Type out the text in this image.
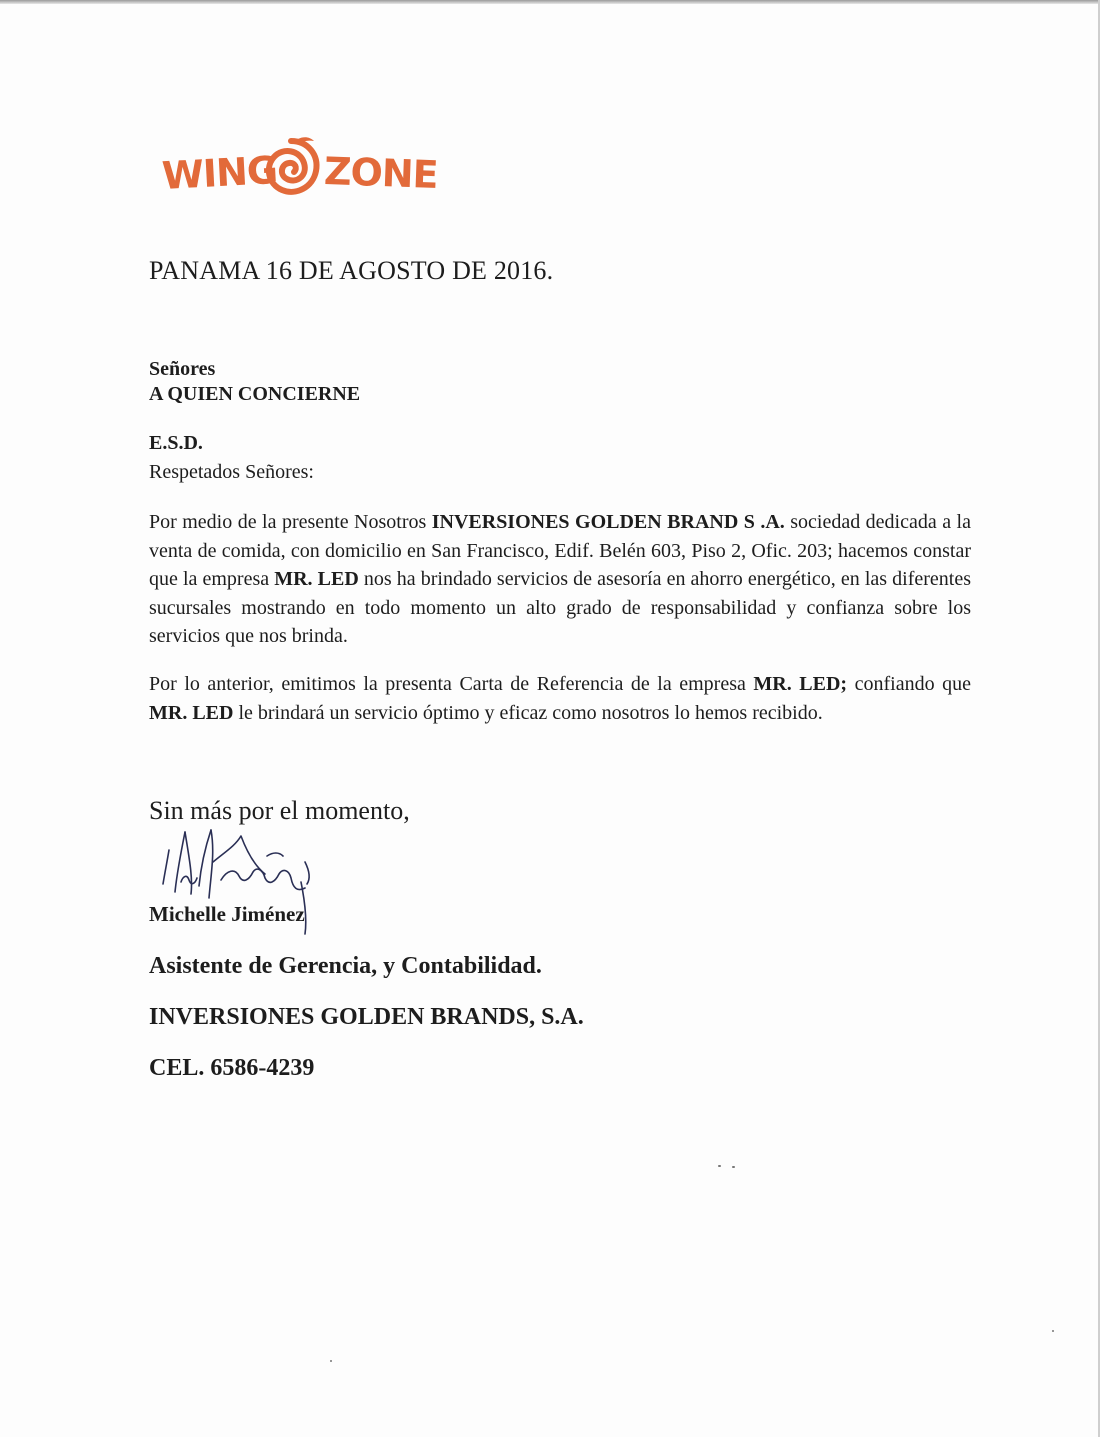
WING ZONE

PANAMA 16 DE AGOSTO DE 2016.

Señores

A QUIEN CONCIERNE

E.S.D.

Respetados Señores:

Por medio de la presente Nosotros INVERSIONES GOLDEN BRAND S .A. sociedad dedicada a la venta de comida, con domicilio en San Francisco, Edif. Belén 603, Piso 2, Ofic. 203; hacemos constar que la empresa MR. LED nos ha brindado servicios de asesoría en ahorro energético, en las diferentes sucursales mostrando en todo momento un alto grado de responsabilidad y confianza sobre los servicios que nos brinda.

Por lo anterior, emitimos la presenta Carta de Referencia de la empresa MR. LED; confiando que MR. LED le brindará un servicio óptimo y eficaz como nosotros lo hemos recibido.

Sin más por el momento,

Michelle Jiménez

Asistente de Gerencia, y Contabilidad.

INVERSIONES GOLDEN BRANDS, S.A.

CEL. 6586-4239
